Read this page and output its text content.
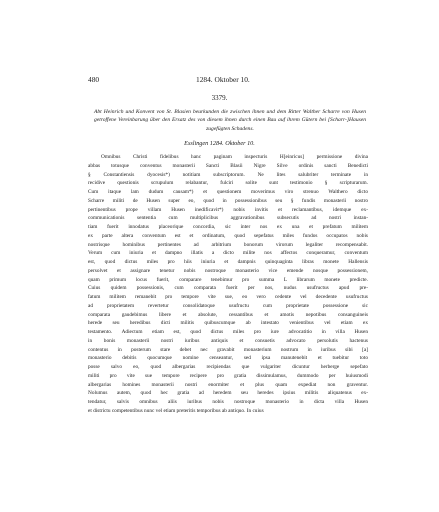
480	1284. Oktober 10.
3379.
Abt Heinrich und Konvent von St. Blasien beurkunden die zwischen ihnen und dem Ritter Walther Scharre von Husen getroffene Vereinbarung über den Ersatz des von diesem ihnen durch einen Bau auf ihrem Gütern bei [Scharr-]Hausen zugefügten Schadens.
Esslingen 1284. Oktober 10.
Omnibus Christi fidelibus hanc paginam inspecturis H[einricus] permissione divina
abbas totusque conventus monasterii Sancti Blasii Nigre Silve ordinis sancti Benedicti
§ Constantiensis dyocesis*) notitiam subscriptorum. Ne lites salubriter terminate in
recidive questionis scrupulum relabantur, fulciri solite sunt testimonio § scripturarum.
Cum itaque lam dudum causam*) et questionem moverimus viro strenuo Walthero dicto
Scharre militi de Husen super eo, quod in possessionibus seu § fundis monasterii nostro
pertinentibus prope villam Husen inedificavit*) nobis invitis et reclamantibus, idemque ex-
communicationis sententia cum multiplicibus aggravationibus subsecutis ad nostri instan-
tiam fuerit innodatus placeorique concordia, sic inter nos ex una et prefatum militem
ex parte altera conventum est et ordinatum, quod sepefatus miles fundos occupatos nobis
nostrisque hominibus pertinentes ad arbitrium bonorum virorum legaliter recompensabit.
Verum cum iniuria et dampno illatis a dicto milite nos affectos conqueramur, conventum
est, quod dictus miles pro hiis iniuria et dampnis quinquaginta libras monete Hallensis
persolvet et assignare tenetur nobis nostroque monasterio vice emende nosque possessionem,
quam primum locus fuerit, comparare tenebimur pro summa L librarum monete predicte.
Cuius quidem possessionis, cum comparata fuerit per nos, nudus usufructus apud pre-
fatum militem remanebit pro tempore vite sue, eo vero cedente vel decedente usufructus
ad proprietatem revertetur consolidatoque usufructu cum proprietate possessione sic
comparata gaudebimus libere et absolute, cessantibus et amotis nepotibus consanguineis
herede seu heredibus dicti militis quibuscumque ab intestato venientibus vel etiam ex
testamento. Adiectum etiam est, quod dictus miles pro iure advocatitio in villa Husen
in bonis monasterii nostri iuribus antiquis et consuetis advocato persolutis hactenus
contentus in posterum stare debet nec gravabit monasterium nostrum in iuribus sibi [a]
monasterio debitis quocumque nomine censeantur, sed ipsa manutenebit et tuebitur toto
posse salvo eo, quod albergarias recipiendas que vulgariter dicuntur herberge sepefato
militi pro vite sue tempore recipere pro gratia dissimulamus, dummodo per huiusmodi
albergarias homines monasterii nostri enormiter et plus quam expediat non graventur.
Nolumus autem, quod hec gratia ad heredem seu heredes ipsius militis aliquatenus ex-
tendatur, salvis omnibus aliis iuribus nobis nostroque monasterio in dicta villa Husen
et districtu competentibus nunc vel etiam preteritis temporibus ab antiquo. In cuius
